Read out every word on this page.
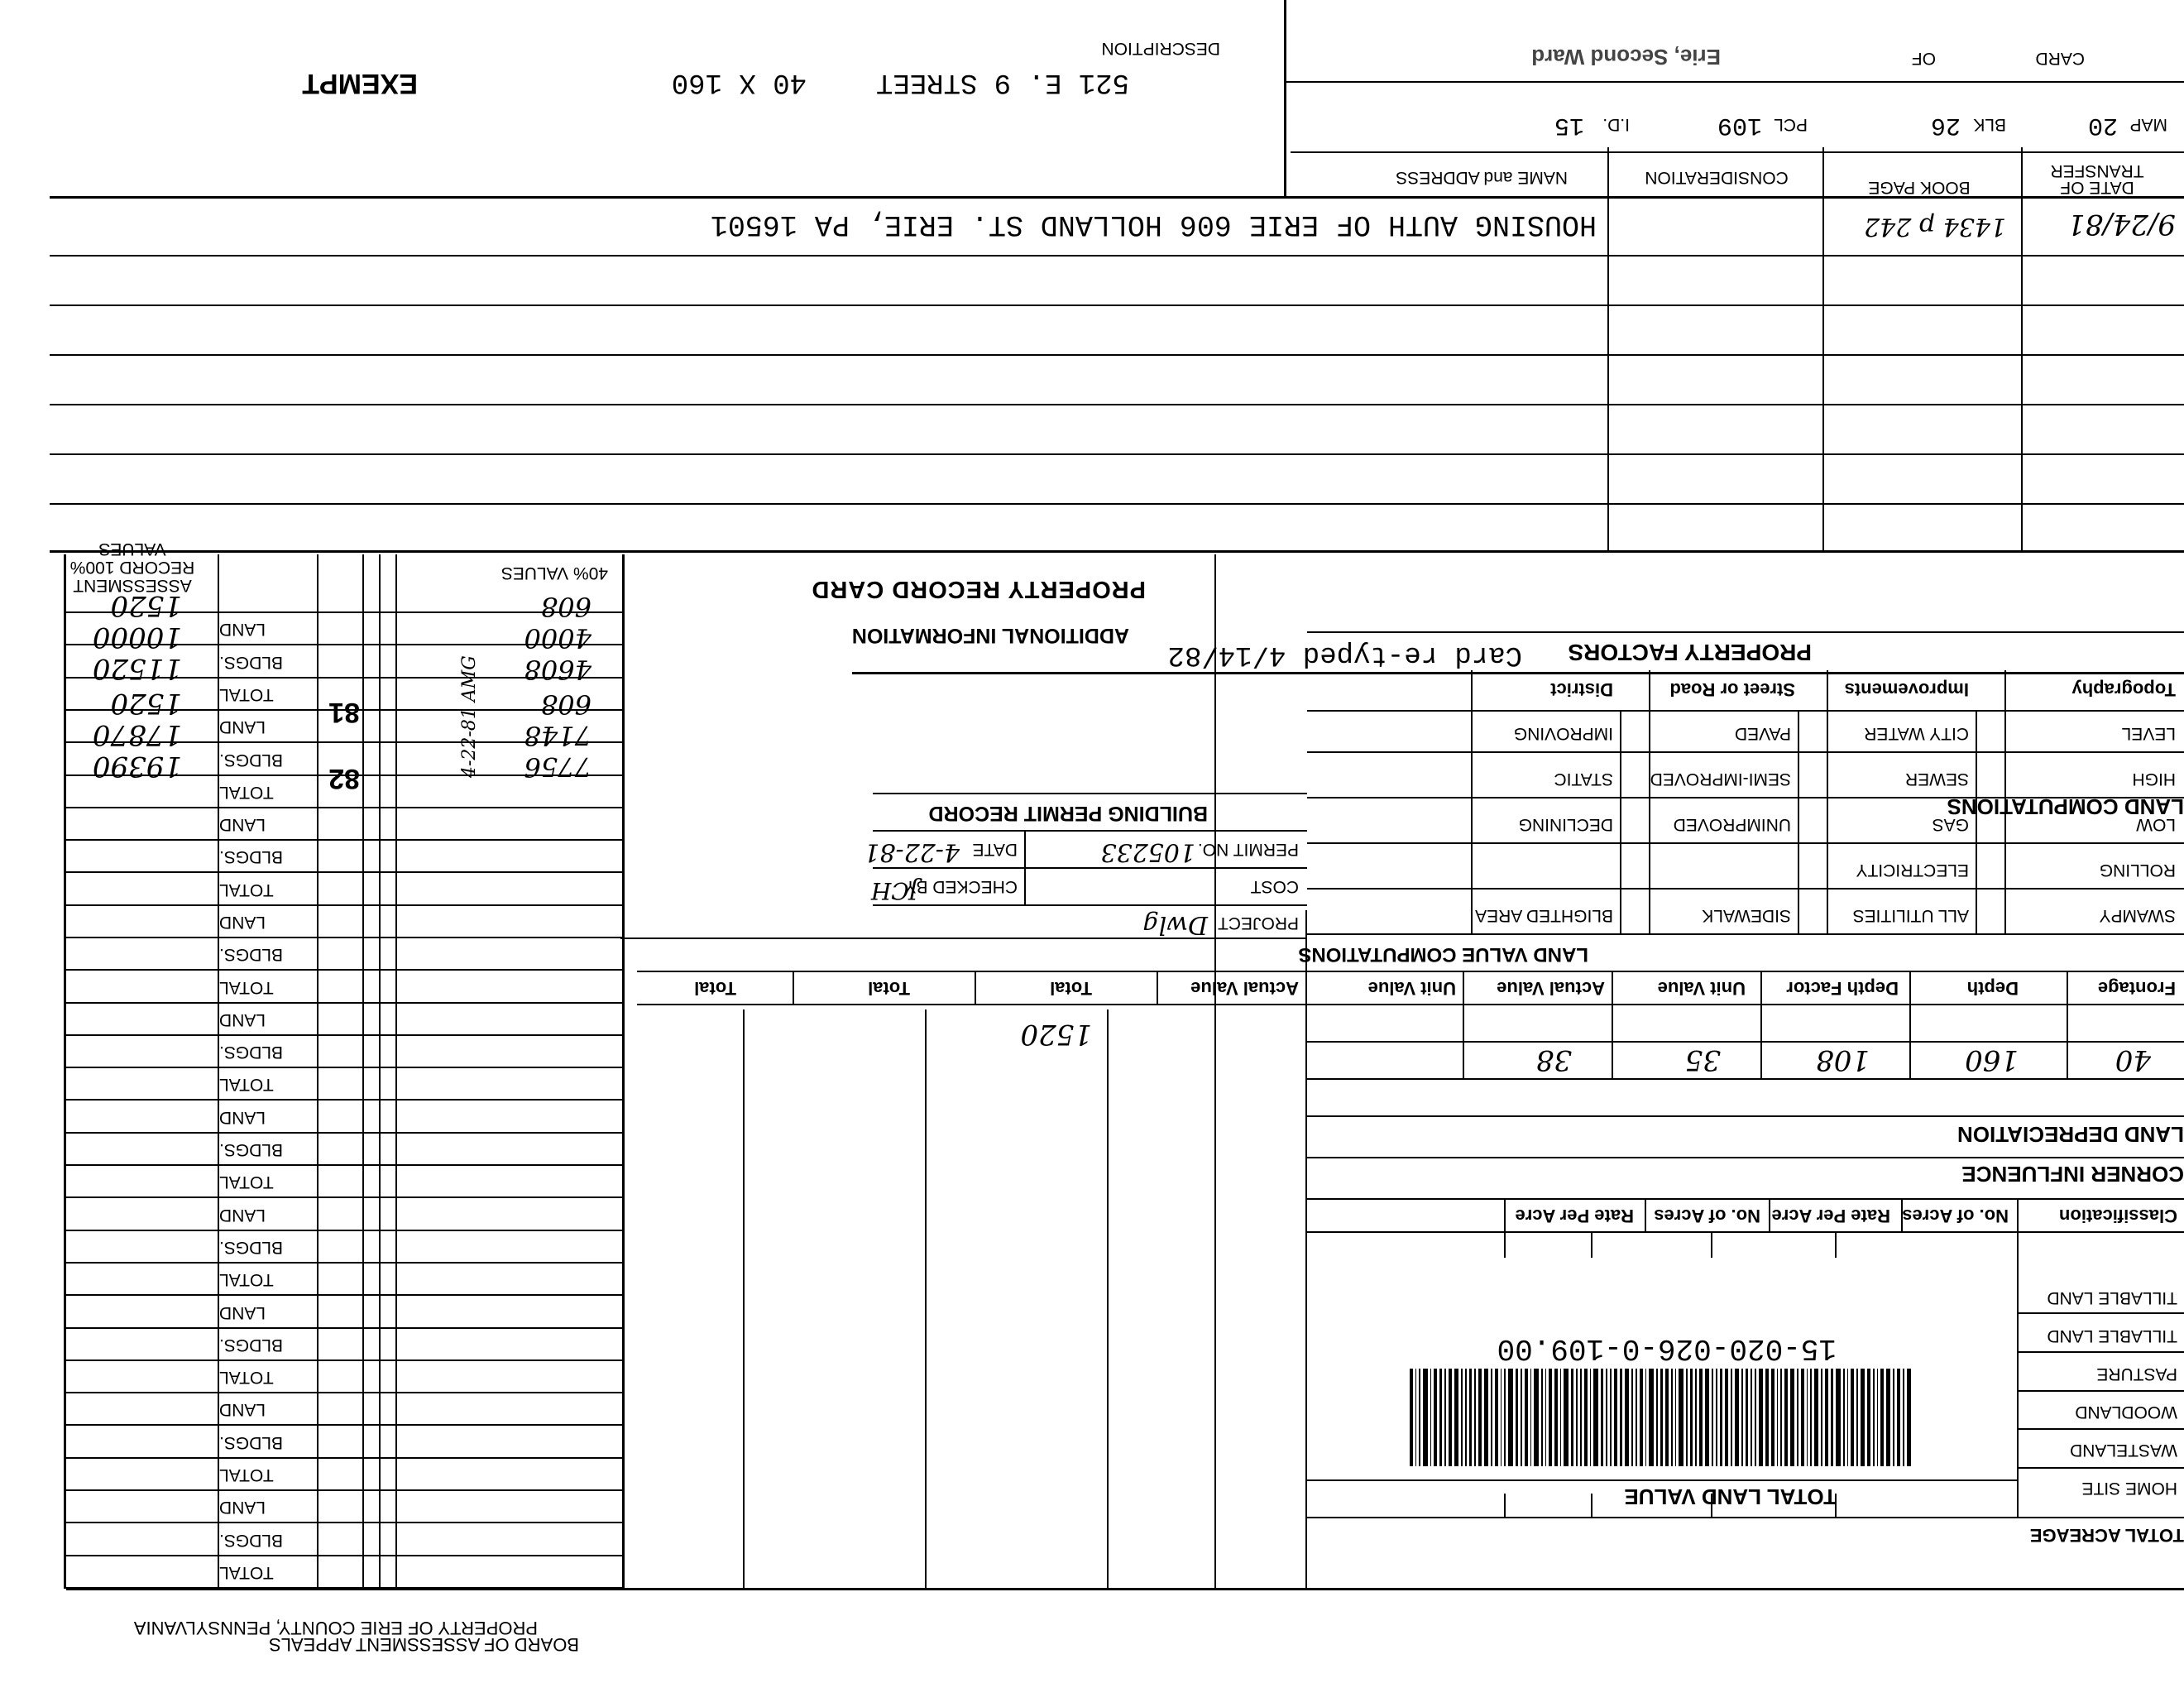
PROPERTY OF ERIE COUNTY, PENNSYLVANIA
TOTAL ACREAGE
HOME SITE
WASTELAND
WOODLAND
PASTURE
TILLABLE LAND
TILLABLE LAND
15-020-026-0-109.00
TOTAL LAND VALUE
Classification
No. of Acres
Rate Per Acre
No. of Acres
Rate Per Acre
CORNER INFLUENCE
LAND DEPRECIATION
40
160
108
35
38
PROPERTY FACTORS
Card re-typed 4/14/82
Topography
Improvements
Street or Road
District
LEVEL
HIGH
LOW
ROLLING
SWAMPY
CITY WATER
SEWER
GAS
ELECTRICITY
ALL UTILITIES
PAVED
SEMI-IMPROVED
UNIMPROVED
SIDEWALK
IMPROVING
STATIC
DECLINING
BLIGHTED AREA
LAND COMPUTATIONS
Frontage
Depth
Depth Factor
Unit Value
Actual Value
Unit Value
Actual Value
Total
Total
Total
LAND VALUE COMPUTATIONS
1520
PROJECT
Dwlg
COST
CHECKED BY
JCH
PERMIT NO.
105233
DATE
4-22-81
BUILDING PERMIT RECORD
ADDITIONAL INFORMATION
PROPERTY RECORD CARD
40% VALUES
608
4000
4608
608
7148
7756
4-22-81 AMG
81
82
TOTAL
BLDGS.
LAND
TOTAL
BLDGS.
LAND
TOTAL
BLDGS.
LAND
TOTAL
BLDGS.
LAND
TOTAL
BLDGS.
LAND
TOTAL
BLDGS.
LAND
TOTAL
BLDGS.
LAND
TOTAL
BLDGS.
LAND
TOTAL
BLDGS.
LAND
TOTAL
BLDGS.
LAND
ASSESSMENT RECORD 100% VALUES
1520
10000
11520
1520
17870
19390
BOARD OF ASSESSMENT APPEALS
DATE OF TRANSFER
BOOK PAGE
CONSIDERATION
NAME and ADDRESS
9/24/81
1434 p 242
HOUSING AUTH OF ERIE 606 HOLLAND ST. ERIE, PA 16501
MAP
20
BLK
26
PCL
109
I.D.
15
CARD
OF
Erie, Second Ward
DESCRIPTION
521 E. 9 STREET
40 X 160
EXEMPT
